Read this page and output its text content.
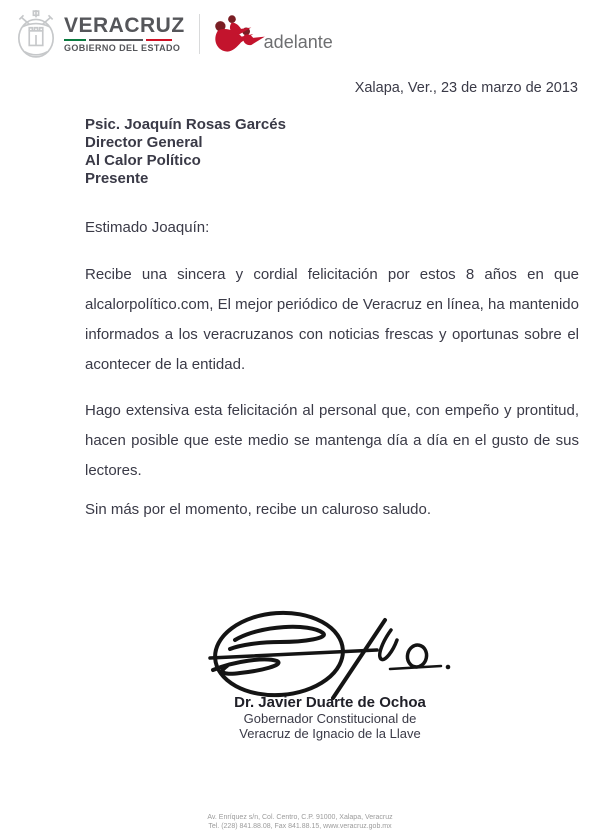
VERACRUZ
GOBIERNO DEL ESTADO	adelante
Xalapa, Ver., 23 de marzo de 2013
Psic. Joaquín Rosas Garcés
Director General
Al Calor Político
Presente
Estimado Joaquín:
Recibe una sincera y cordial felicitación por estos 8 años en que alcalorpolítico.com, El mejor periódico de Veracruz en línea, ha mantenido informados a los veracruzanos con noticias frescas y oportunas sobre el acontecer de la entidad.
Hago extensiva esta felicitación al personal que, con empeño y prontitud, hacen posible que este medio se mantenga día a día en el gusto de sus lectores.
Sin más por el momento, recibe un caluroso saludo.
Dr. Javier Duarte de Ochoa
Gobernador Constitucional de
Veracruz de Ignacio de la Llave
Av. Enríquez s/n, Col. Centro, C.P. 91000, Xalapa, Veracruz
Tel. (228) 841.88.08, Fax 841.88.15, www.veracruz.gob.mx
